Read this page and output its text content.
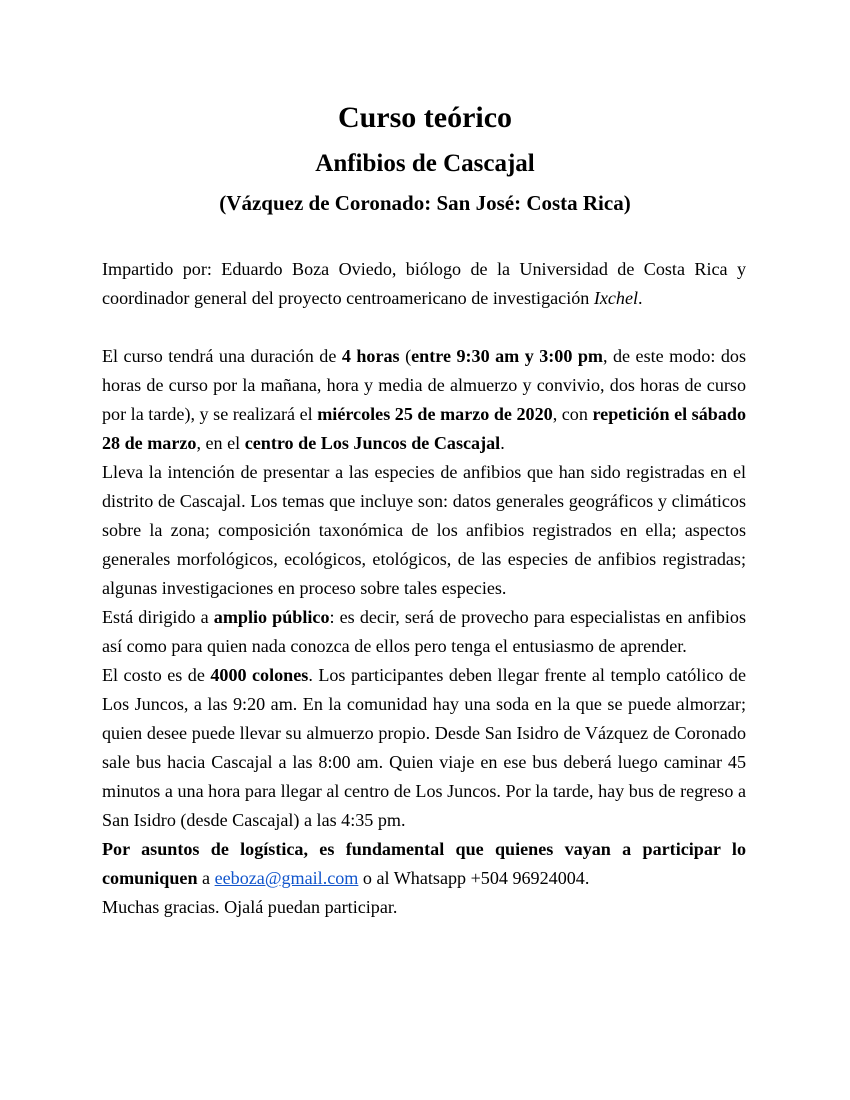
Curso teórico
Anfibios de Cascajal
(Vázquez de Coronado: San José: Costa Rica)

Impartido por: Eduardo Boza Oviedo, biólogo de la Universidad de Costa Rica y coordinador general del proyecto centroamericano de investigación Ixchel.

El curso tendrá una duración de 4 horas (entre 9:30 am y 3:00 pm, de este modo: dos horas de curso por la mañana, hora y media de almuerzo y convivio, dos horas de curso por la tarde), y se realizará el miércoles 25 de marzo de 2020, con repetición el sábado 28 de marzo, en el centro de Los Juncos de Cascajal.

Lleva la intención de presentar a las especies de anfibios que han sido registradas en el distrito de Cascajal. Los temas que incluye son: datos generales geográficos y climáticos sobre la zona; composición taxonómica de los anfibios registrados en ella; aspectos generales morfológicos, ecológicos, etológicos, de las especies de anfibios registradas; algunas investigaciones en proceso sobre tales especies.

Está dirigido a amplio público: es decir, será de provecho para especialistas en anfibios así como para quien nada conozca de ellos pero tenga el entusiasmo de aprender.

El costo es de 4000 colones. Los participantes deben llegar frente al templo católico de Los Juncos, a las 9:20 am. En la comunidad hay una soda en la que se puede almorzar; quien desee puede llevar su almuerzo propio. Desde San Isidro de Vázquez de Coronado sale bus hacia Cascajal a las 8:00 am. Quien viaje en ese bus deberá luego caminar 45 minutos a una hora para llegar al centro de Los Juncos. Por la tarde, hay bus de regreso a San Isidro (desde Cascajal) a las 4:35 pm.

Por asuntos de logística, es fundamental que quienes vayan a participar lo comuniquen a eeboza@gmail.com o al Whatsapp +504 96924004.

Muchas gracias. Ojalá puedan participar.
